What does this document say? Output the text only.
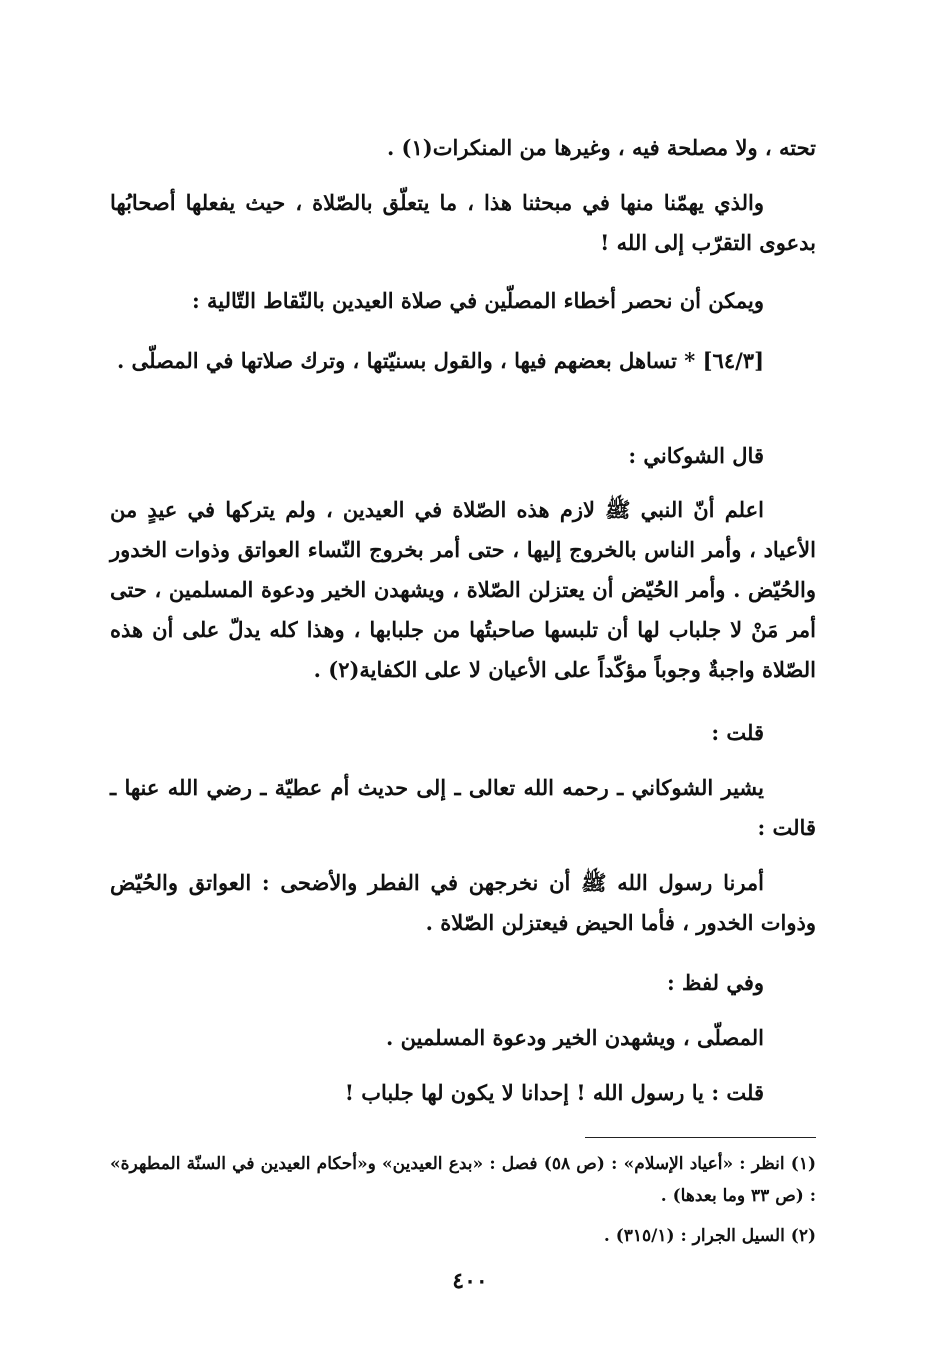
تحته ، ولا مصلحة فيه ، وغيرها من المنكرات(١) .
والذي يهمّنا منها في مبحثنا هذا ، ما يتعلّق بالصّلاة ، حيث يفعلها أصحابُها بدعوى التقرّب إلى الله !
ويمكن أن نحصر أخطاء المصلّين في صلاة العيدين بالنّقاط التّالية :
[٦٤/٣] * تساهل بعضهم فيها ، والقول بسنيّتها ، وترك صلاتها في المصلّى .
قال الشوكاني :
اعلم أنّ النبي ﷺ لازم هذه الصّلاة في العيدين ، ولم يتركها في عيدٍ من الأعياد ، وأمر الناس بالخروج إليها ، حتى أمر بخروج النّساء العواتق وذوات الخدور والحُيّض . وأمر الحُيّض أن يعتزلن الصّلاة ، ويشهدن الخير ودعوة المسلمين ، حتى أمر مَنْ لا جلباب لها أن تلبسها صاحبتُها من جلبابها ، وهذا كله يدلّ على أن هذه الصّلاة واجبةٌ وجوباً مؤكّداً على الأعيان لا على الكفاية(٢) .
قلت :
يشير الشوكاني ـ رحمه الله تعالى ـ إلى حديث أم عطيّة ـ رضي الله عنها ـ قالت :
أمرنا رسول الله ﷺ أن نخرجهن في الفطر والأضحى : العواتق والحُيّض وذوات الخدور ، فأما الحيض فيعتزلن الصّلاة .
وفي لفظ :
المصلّى ، ويشهدن الخير ودعوة المسلمين .
قلت : يا رسول الله ! إحدانا لا يكون لها جلباب !
(١) انظر : «أعياد الإسلام» : (ص ٥٨) فصل : «بدع العيدين» و«أحكام العيدين في السنّة المطهرة» : (ص ٣٣ وما بعدها) .
(٢) السيل الجرار : (٣١٥/١) .
٤٠٠
